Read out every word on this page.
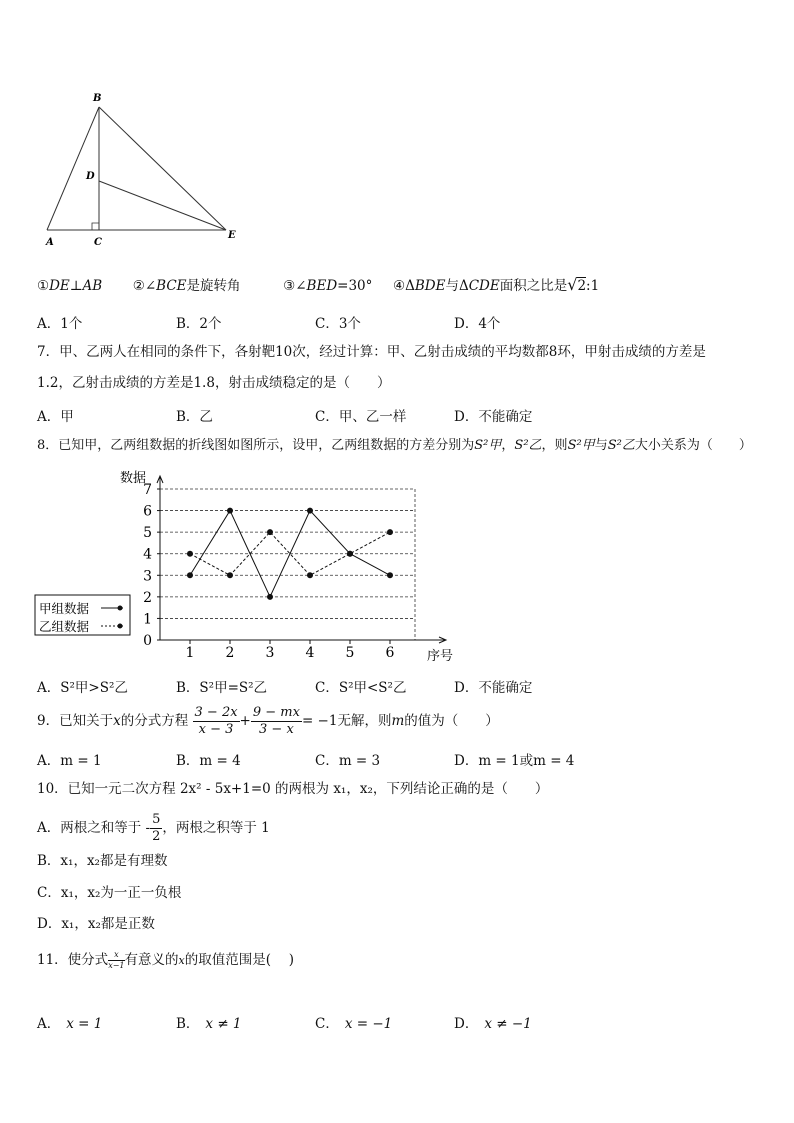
B
D
A	C
E
①DE⊥AB ②∠BCE是旋转角	③∠BED=30° ④ΔBDE与ΔCDE面积之比是√2:1
A．1个	B．2个	C．3个	D．4个
7．甲、乙两人在相同的条件下，各射靶10次，经过计算：甲、乙射击成绩的平均数都8环，甲射击成绩的方差是
1.2，乙射击成绩的方差是1.8，射击成绩稳定的是（　　）
A．甲	B．乙	C．甲、乙一样	D．不能确定
8．已知甲，乙两组数据的折线图如图所示，设甲，乙两组数据的方差分别为S²甲，S²乙，则S²甲与S²乙大小关系为（　　）
0
1
2
3
4
5
6
7
1 2 3 4 5 6
数据
序号
甲组数据
乙组数据
A．S²甲>S²乙	B．S²甲=S²乙	C．S²甲<S²乙	D．不能确定
9．已知关于x的分式方程 $\frac{3 - 2x}{x - 3} + \frac{9 - mx}{3 - x} = -1$无解，则m的值为（　　）
A．m = 1	B．m = 4	C．m = 3	D．m = 1或m = 4
10．已知一元二次方程 2x² - 5x+1=0 的两根为 x₁，x₂，下列结论正确的是（　　）
A．两根之和等于 - $\frac{5}{2}$ ，两根之积等于 1
B．x₁，x₂都是有理数
C．x₁，x₂为一正一负根
D．x₁，x₂都是正数
11．使分式 $\frac{x}{x-1}$ 有意义的x的取值范围是(　 )
A． x = 1	B． x ≠ 1	C． x = −1	D． x ≠ −1
